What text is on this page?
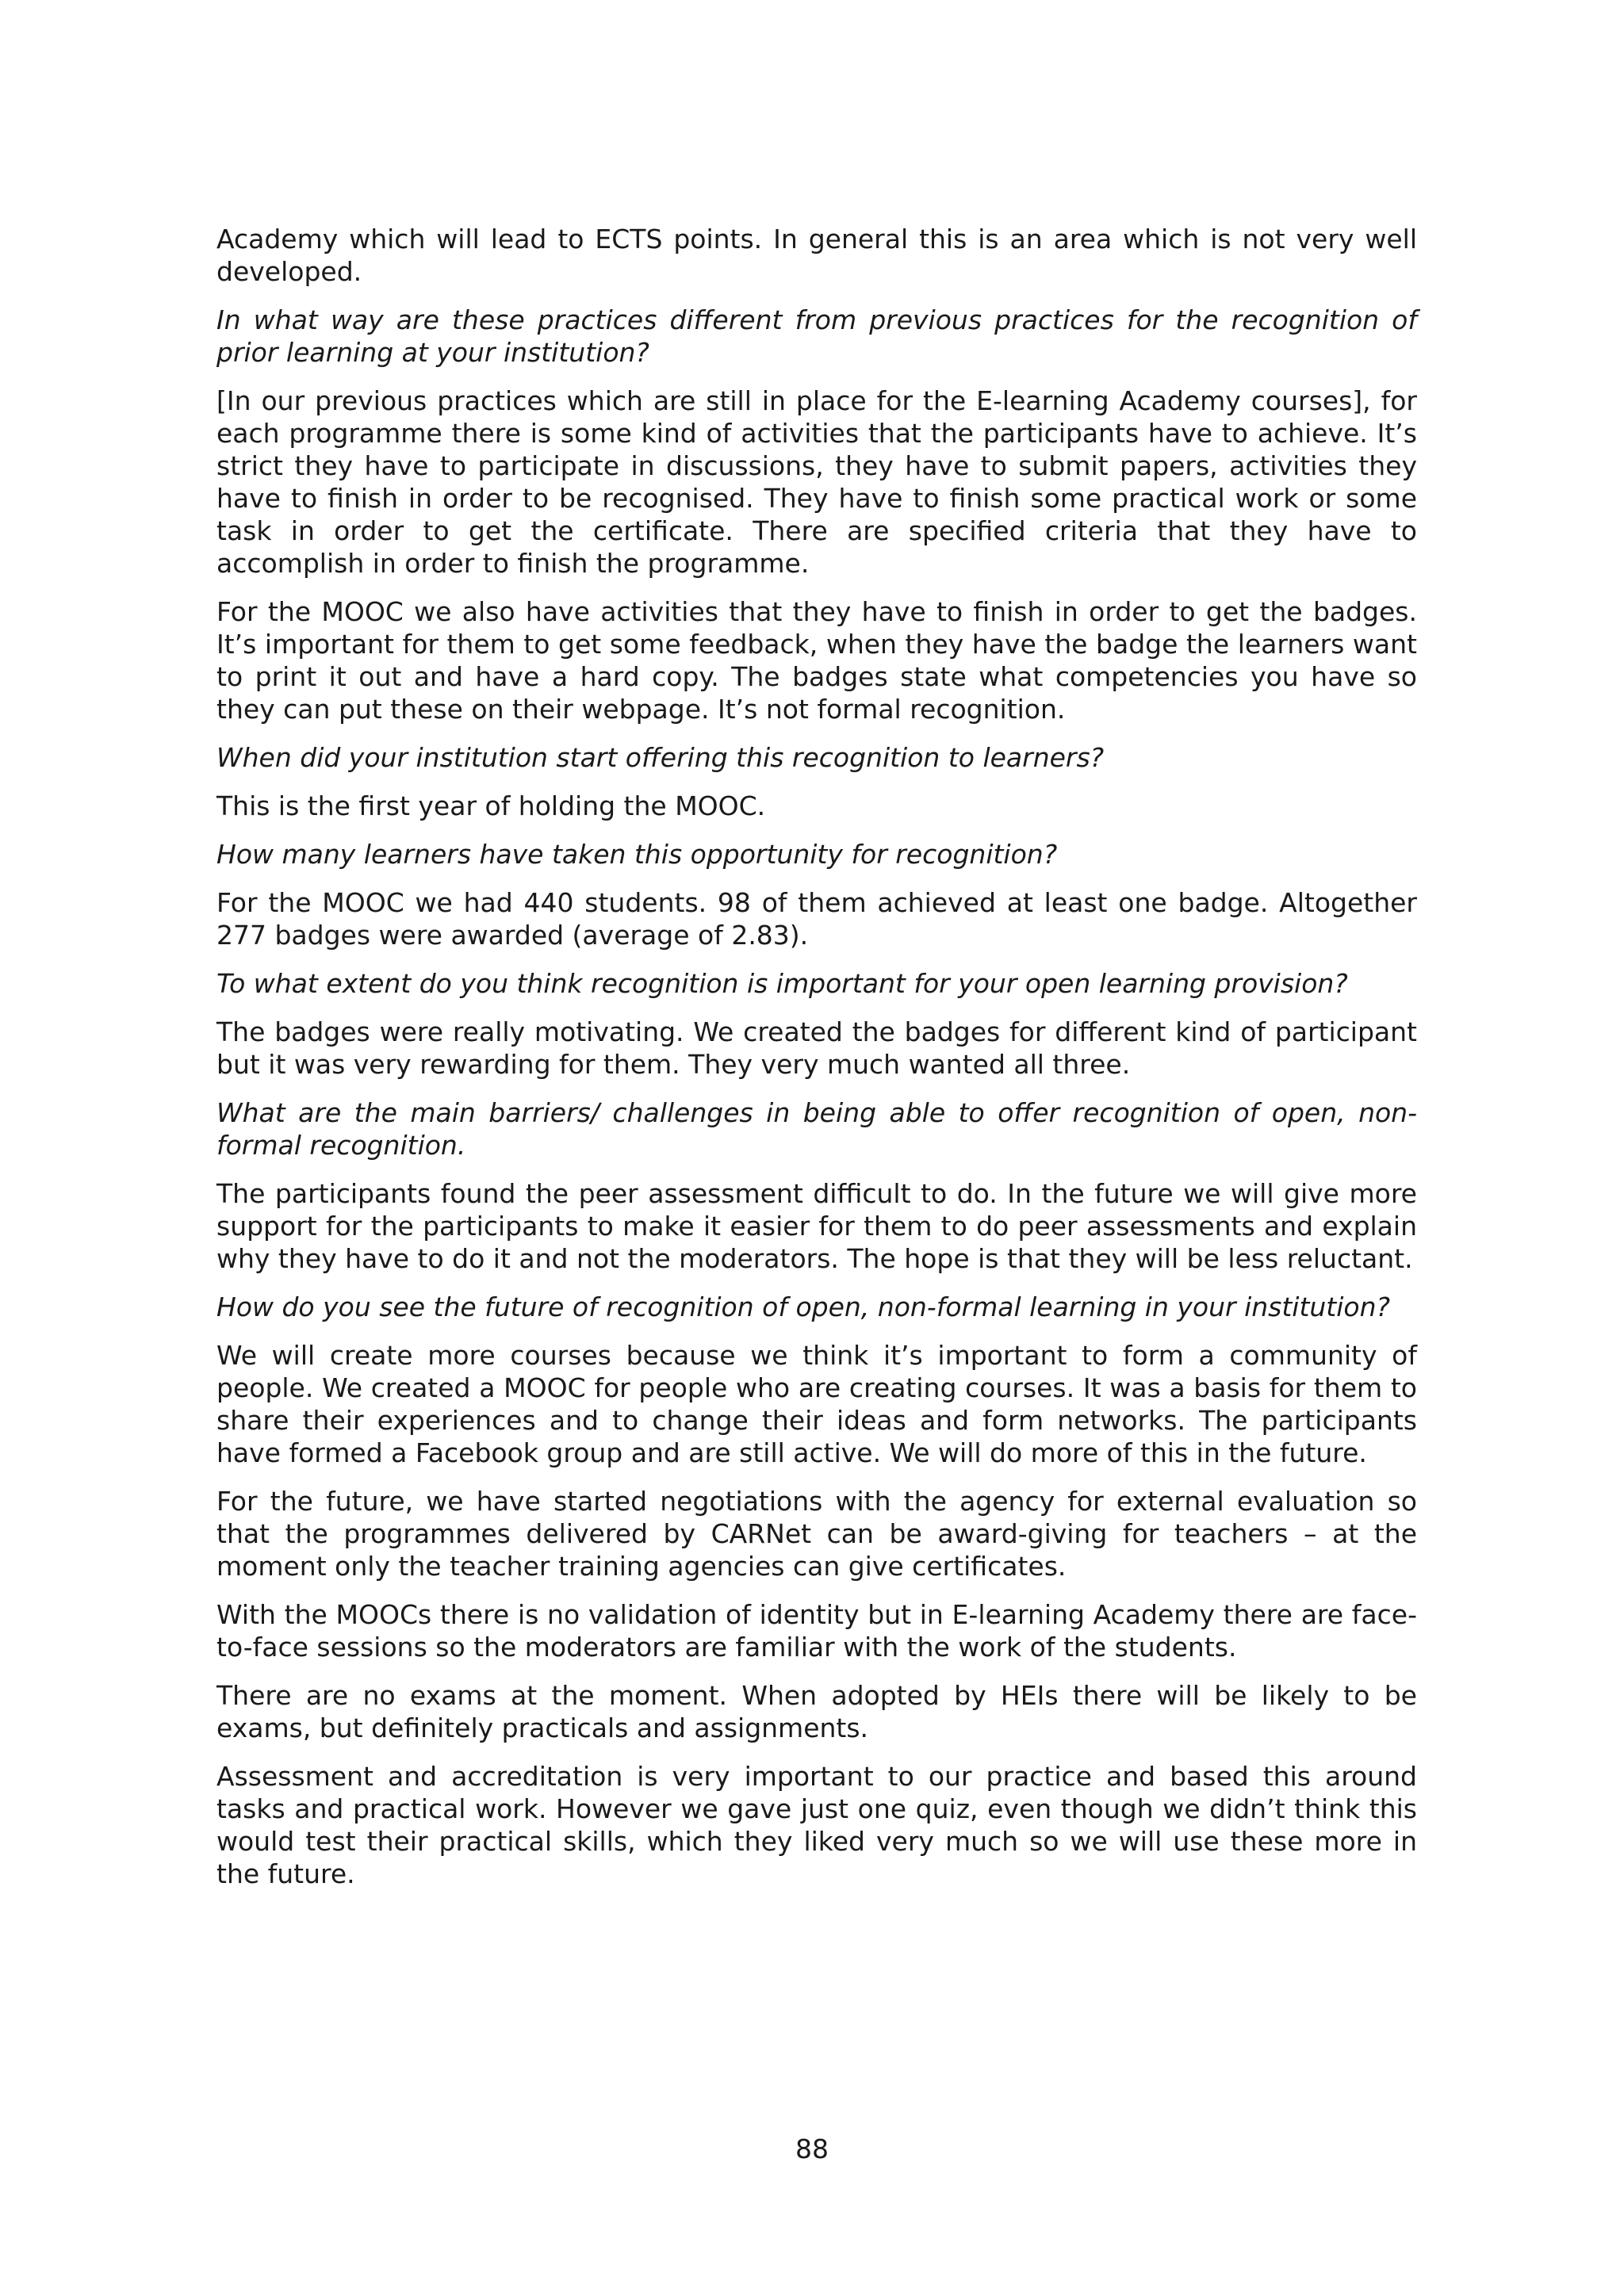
Academy which will lead to ECTS points. In general this is an area which is not very well developed.

In what way are these practices different from previous practices for the recognition of prior learning at your institution?

[In our previous practices which are still in place for the E-learning Academy courses], for each programme there is some kind of activities that the participants have to achieve. It’s strict they have to participate in discussions, they have to submit papers, activities they have to finish in order to be recognised. They have to finish some practical work or some task in order to get the certificate. There are specified criteria that they have to accomplish in order to finish the programme.

For the MOOC we also have activities that they have to finish in order to get the badges. It’s important for them to get some feedback, when they have the badge the learners want to print it out and have a hard copy. The badges state what competencies you have so they can put these on their webpage. It’s not formal recognition.

When did your institution start offering this recognition to learners?

This is the first year of holding the MOOC.

How many learners have taken this opportunity for recognition?

For the MOOC we had 440 students. 98 of them achieved at least one badge. Altogether 277 badges were awarded (average of 2.83).

To what extent do you think recognition is important for your open learning provision?

The badges were really motivating. We created the badges for different kind of participant but it was very rewarding for them. They very much wanted all three.

What are the main barriers/ challenges in being able to offer recognition of open, non-formal recognition.

The participants found the peer assessment difficult to do. In the future we will give more support for the participants to make it easier for them to do peer assessments and explain why they have to do it and not the moderators. The hope is that they will be less reluctant.

How do you see the future of recognition of open, non-formal learning in your institution?

We will create more courses because we think it’s important to form a community of people. We created a MOOC for people who are creating courses. It was a basis for them to share their experiences and to change their ideas and form networks. The participants have formed a Facebook group and are still active. We will do more of this in the future.

For the future, we have started negotiations with the agency for external evaluation so that the programmes delivered by CARNet can be award-giving for teachers – at the moment only the teacher training agencies can give certificates.

With the MOOCs there is no validation of identity but in E-learning Academy there are face-to-face sessions so the moderators are familiar with the work of the students.

There are no exams at the moment. When adopted by HEIs there will be likely to be exams, but definitely practicals and assignments.

Assessment and accreditation is very important to our practice and based this around tasks and practical work. However we gave just one quiz, even though we didn’t think this would test their practical skills, which they liked very much so we will use these more in the future.

88
